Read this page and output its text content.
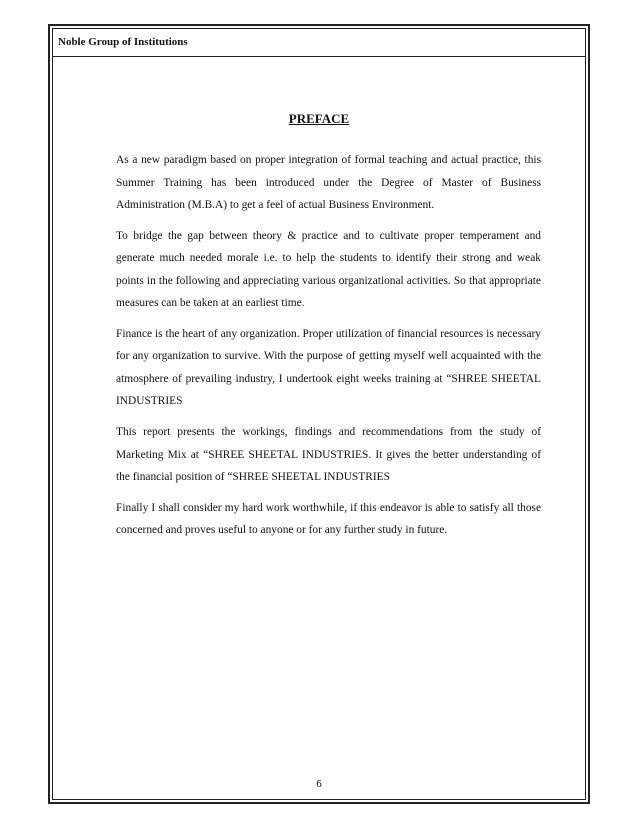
Noble Group of Institutions
PREFACE

As a new paradigm based on proper integration of formal teaching and actual practice, this Summer Training has been introduced under the Degree of Master of Business Administration (M.B.A) to get a feel of actual Business Environment.

To bridge the gap between theory & practice and to cultivate proper temperament and generate much needed morale i.e. to help the students to identify their strong and weak points in the following and appreciating various organizational activities. So that appropriate measures can be taken at an earliest time.

Finance is the heart of any organization. Proper utilization of financial resources is necessary for any organization to survive. With the purpose of getting myself well acquainted with the atmosphere of prevailing industry, I undertook eight weeks training at “SHREE SHEETAL INDUSTRIES

This report presents the workings, findings and recommendations from the study of Marketing Mix at “SHREE SHEETAL INDUSTRIES. It gives the better understanding of the financial position of “SHREE SHEETAL INDUSTRIES

Finally I shall consider my hard work worthwhile, if this endeavor is able to satisfy all those concerned and proves useful to anyone or for any further study in future.

6
